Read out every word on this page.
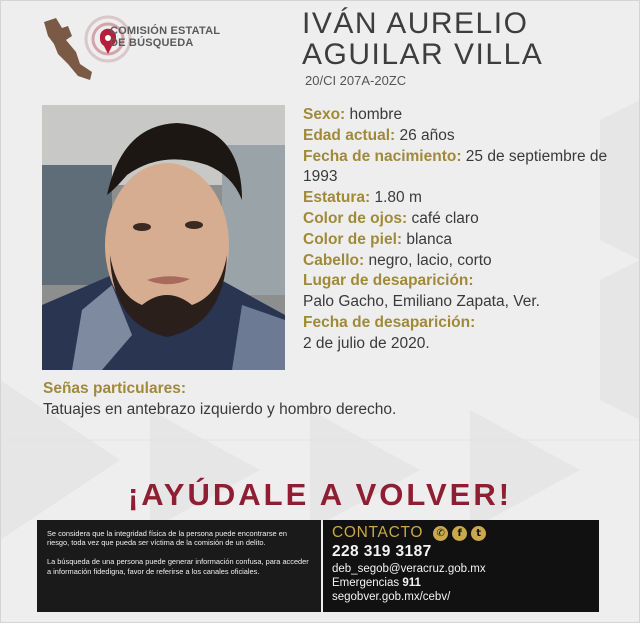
COMISIÓN ESTATAL
DE BÚSQUEDA
IVÁN AURELIO
AGUILAR VILLA
20/CI 207A-20ZC
Sexo: hombre
Edad actual: 26 años
Fecha de nacimiento: 25 de septiembre de 1993
Estatura: 1.80 m
Color de ojos: café claro
Color de piel: blanca
Cabello: negro, lacio, corto
Lugar de desaparición:
Palo Gacho, Emiliano Zapata, Ver.
Fecha de desaparición:
2 de julio de 2020.
Señas particulares:
Tatuajes en antebrazo izquierdo y hombro derecho.
¡AYÚDALE A VOLVER!

Se considera que la integridad física de la persona puede encontrarse en riesgo, toda vez que pueda ser víctima de la comisión de un delito.

La búsqueda de una persona puede generar información confusa, para acceder a información fidedigna, favor de referirse a los canales oficiales.

CONTACTO	✆	f	t
228 319 3187
deb_segob@veracruz.gob.mx
Emergencias 911
segobver.gob.mx/cebv/
